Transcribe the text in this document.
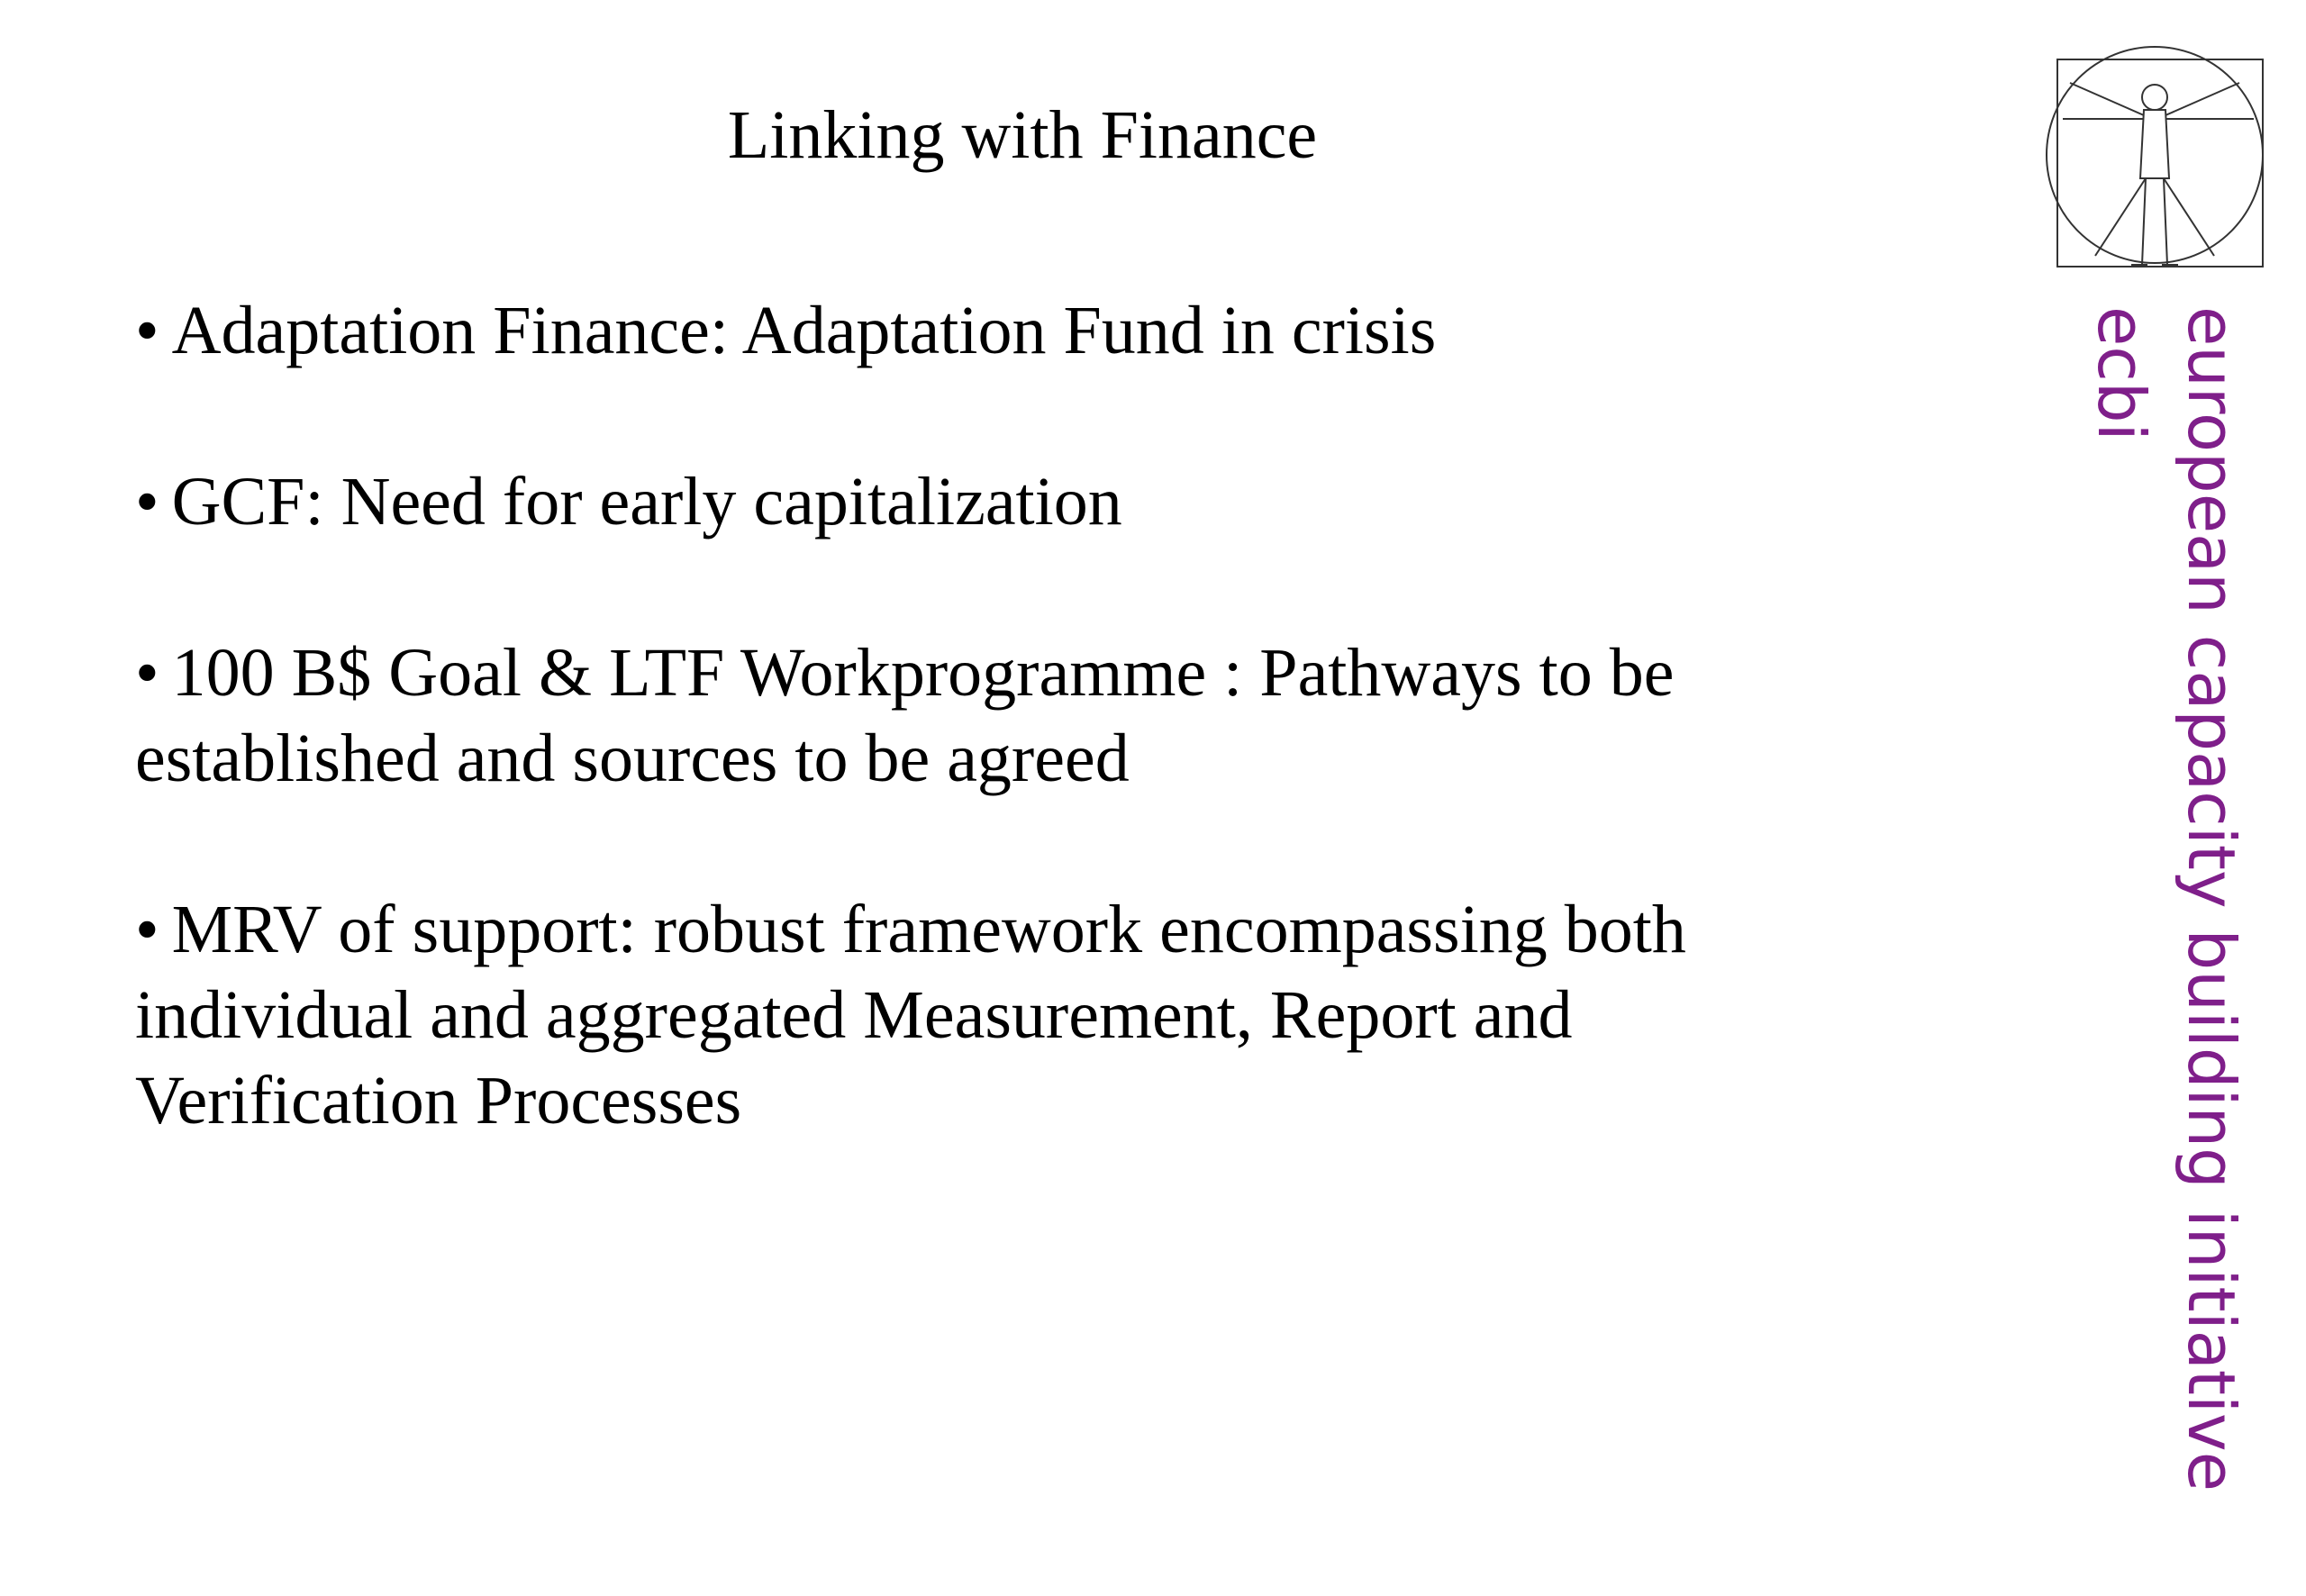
Linking with Finance
• Adaptation Finance: Adaptation Fund in crisis
• GCF: Need for early capitalization
• 100 B$ Goal & LTF Workprogramme : Pathways to be established and sources to be agreed
• MRV of support: robust framework encompassing both individual and aggregated Measurement, Report and Verification Processes	european capacity building initiative
ecbi
